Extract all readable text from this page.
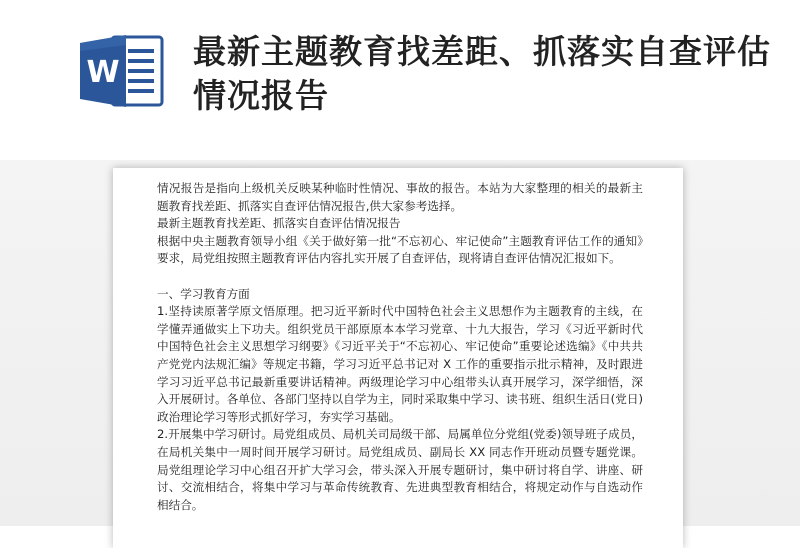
W
最新主题教育找差距、抓落实自查评估情况报告

情况报告是指向上级机关反映某种临时性情况、事故的报告。本站为大家整理的相关的最新主题教育找差距、抓落实自查评估情况报告,供大家参考选择。

最新主题教育找差距、抓落实自查评估情况报告

根据中央主题教育领导小组《关于做好第一批“不忘初心、牢记使命”主题教育评估工作的通知》要求，局党组按照主题教育评估内容扎实开展了自查评估，现将请自查评估情况汇报如下。

一、学习教育方面

1.坚持读原著学原文悟原理。把习近平新时代中国特色社会主义思想作为主题教育的主线，在学懂弄通做实上下功夫。组织党员干部原原本本学习党章、十九大报告，学习《习近平新时代中国特色社会主义思想学习纲要》《习近平关于“不忘初心、牢记使命”重要论述选编》《中共共产党党内法规汇编》等规定书籍，学习习近平总书记对 X 工作的重要指示批示精神，及时跟进学习习近平总书记最新重要讲话精神。两级理论学习中心组带头认真开展学习，深学细悟，深入开展研讨。各单位、各部门坚持以自学为主，同时采取集中学习、读书班、组织生活日(党日)政治理论学习等形式抓好学习，夯实学习基础。

2.开展集中学习研讨。局党组成员、局机关司局级干部、局属单位分党组(党委)领导班子成员，在局机关集中一周时间开展学习研讨。局党组成员、副局长 XX 同志作开班动员暨专题党课。局党组理论学习中心组召开扩大学习会，带头深入开展专题研讨，集中研讨将自学、讲座、研讨、交流相结合，将集中学习与革命传统教育、先进典型教育相结合，将规定动作与自选动作相结合。
